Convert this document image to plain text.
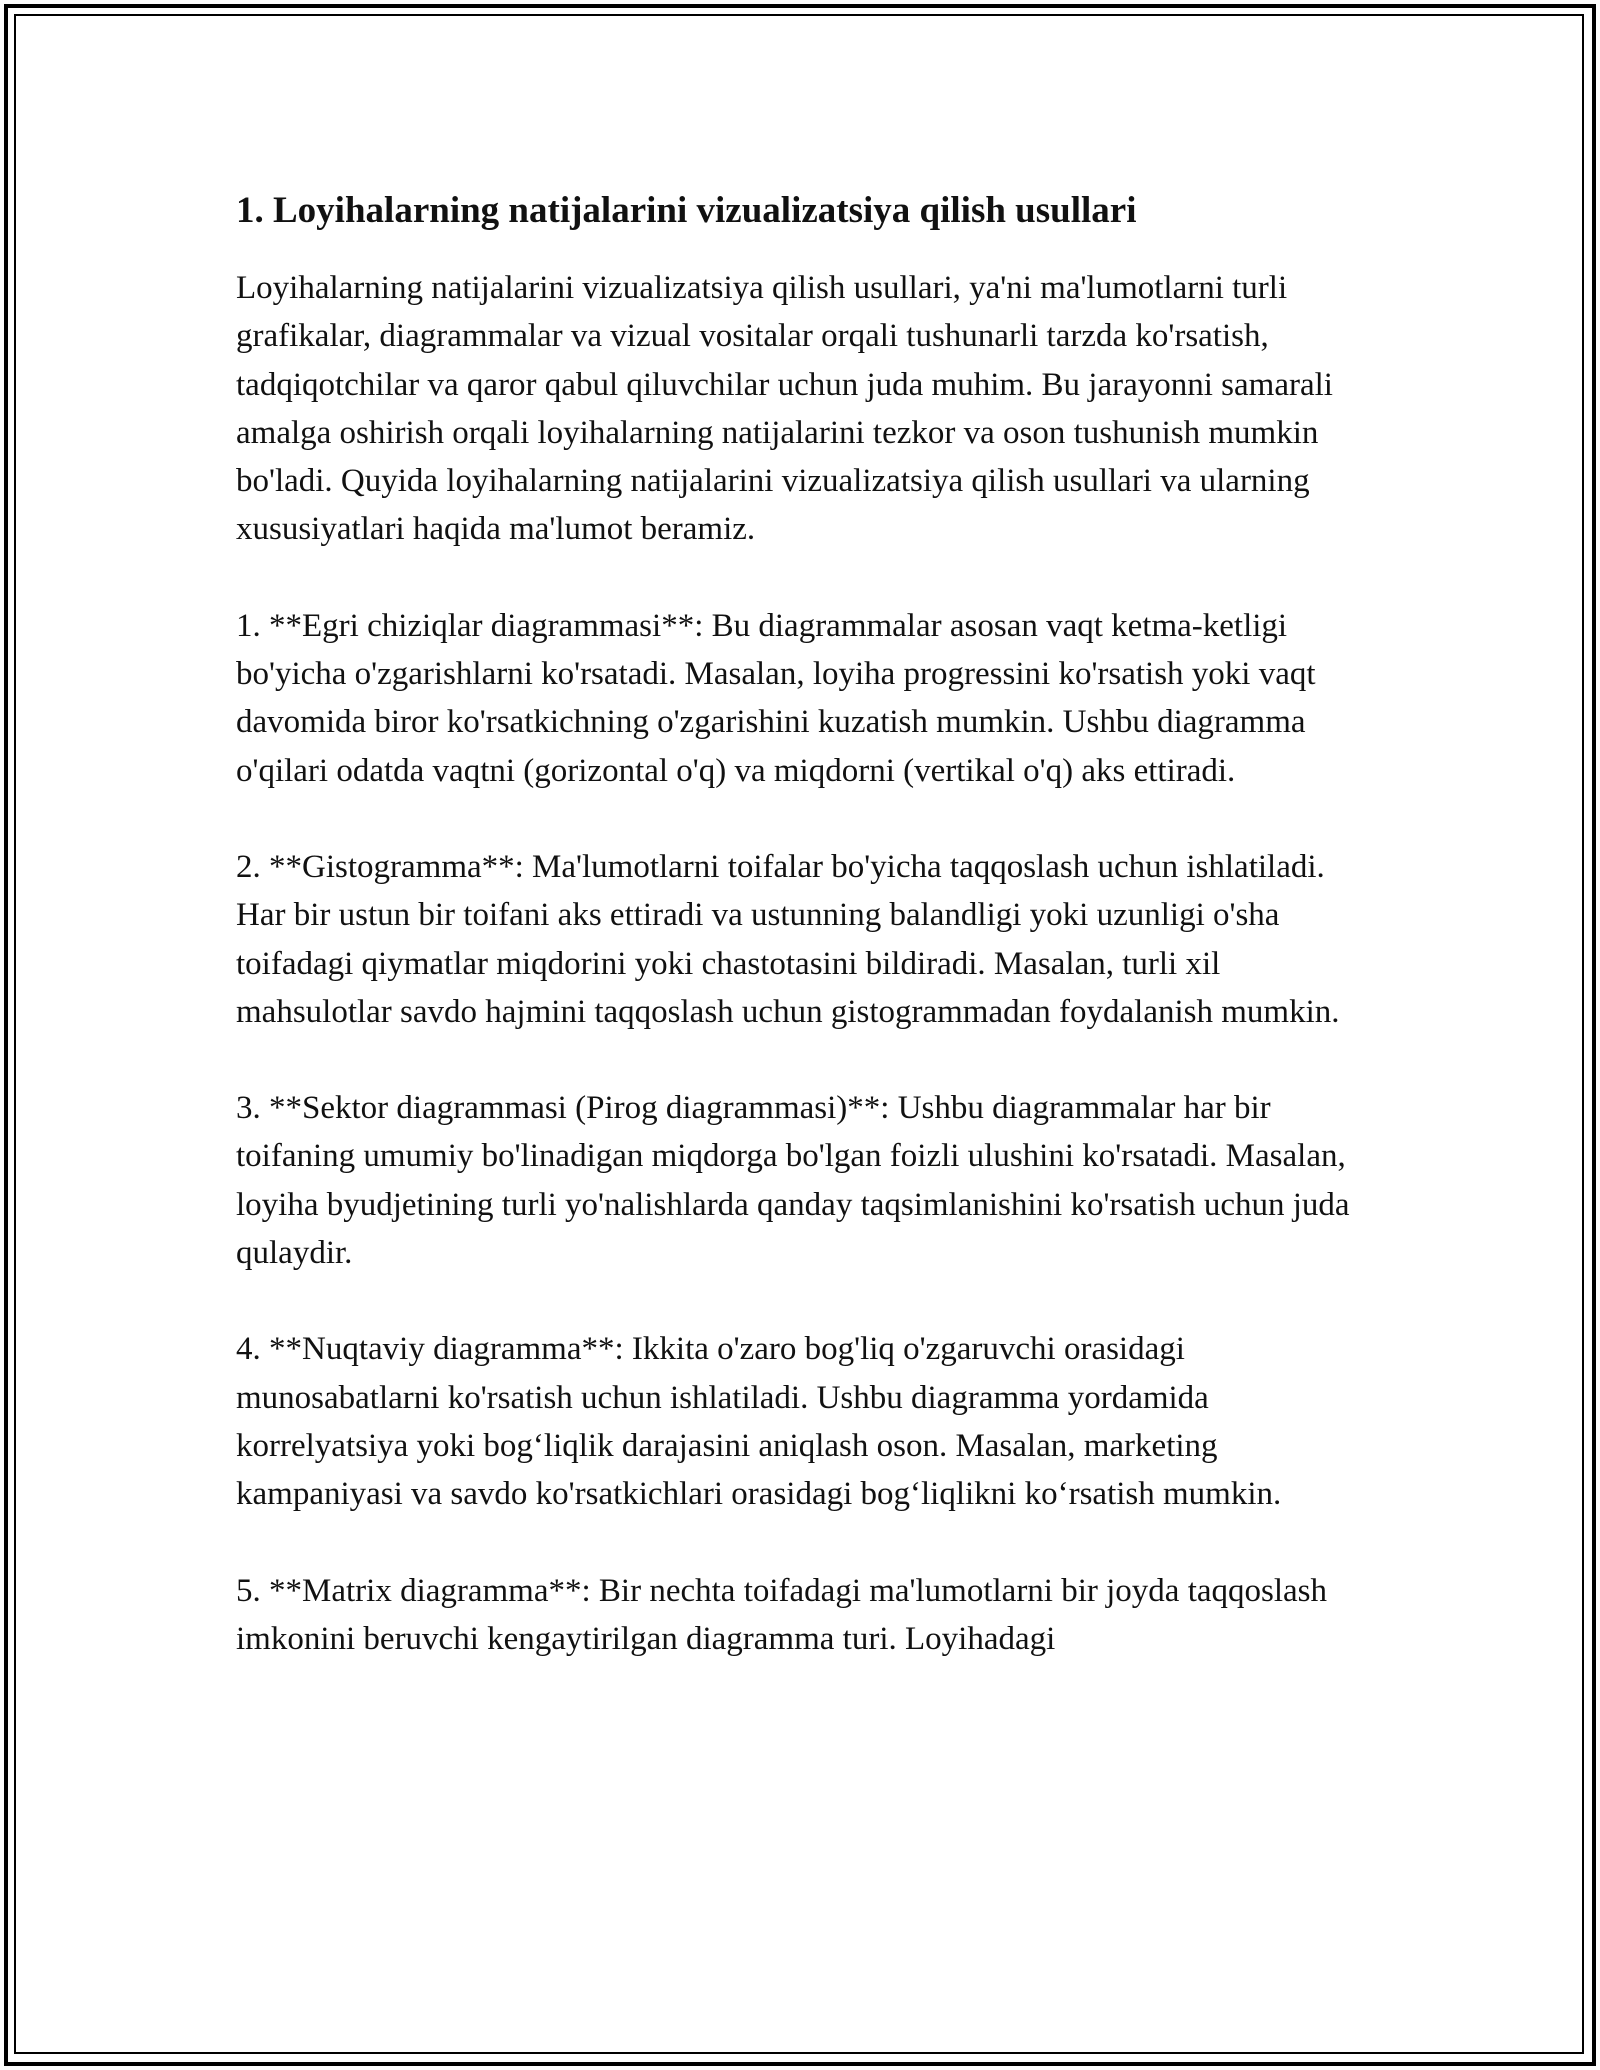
1. Loyihalarning natijalarini vizualizatsiya qilish usullari

Loyihalarning natijalarini vizualizatsiya qilish usullari, ya'ni ma'lumotlarni turli grafikalar, diagrammalar va vizual vositalar orqali tushunarli tarzda ko'rsatish, tadqiqotchilar va qaror qabul qiluvchilar uchun juda muhim. Bu jarayonni samarali amalga oshirish orqali loyihalarning natijalarini tezkor va oson tushunish mumkin bo'ladi. Quyida loyihalarning natijalarini vizualizatsiya qilish usullari va ularning xususiyatlari haqida ma'lumot beramiz.

1. **Egri chiziqlar diagrammasi**: Bu diagrammalar asosan vaqt ketma-ketligi bo'yicha o'zgarishlarni ko'rsatadi. Masalan, loyiha progressini ko'rsatish yoki vaqt davomida biror ko'rsatkichning o'zgarishini kuzatish mumkin. Ushbu diagramma o'qilari odatda vaqtni (gorizontal o'q) va miqdorni (vertikal o'q) aks ettiradi.

2. **Gistogramma**: Ma'lumotlarni toifalar bo'yicha taqqoslash uchun ishlatiladi. Har bir ustun bir toifani aks ettiradi va ustunning balandligi yoki uzunligi o'sha toifadagi qiymatlar miqdorini yoki chastotasini bildiradi. Masalan, turli xil mahsulotlar savdo hajmini taqqoslash uchun gistogrammadan foydalanish mumkin.

3. **Sektor diagrammasi (Pirog diagrammasi)**: Ushbu diagrammalar har bir toifaning umumiy bo'linadigan miqdorga bo'lgan foizli ulushini ko'rsatadi. Masalan, loyiha byudjetining turli yo'nalishlarda qanday taqsimlanishini ko'rsatish uchun juda qulaydir.

4. **Nuqtaviy diagramma**: Ikkita o'zaro bog'liq o'zgaruvchi orasidagi munosabatlarni ko'rsatish uchun ishlatiladi. Ushbu diagramma yordamida korrelyatsiya yoki bog‘liqlik darajasini aniqlash oson. Masalan, marketing kampaniyasi va savdo ko'rsatkichlari orasidagi bog‘liqlikni ko‘rsatish mumkin.

5. **Matrix diagramma**: Bir nechta toifadagi ma'lumotlarni bir joyda taqqoslash imkonini beruvchi kengaytirilgan diagramma turi. Loyihadagi
